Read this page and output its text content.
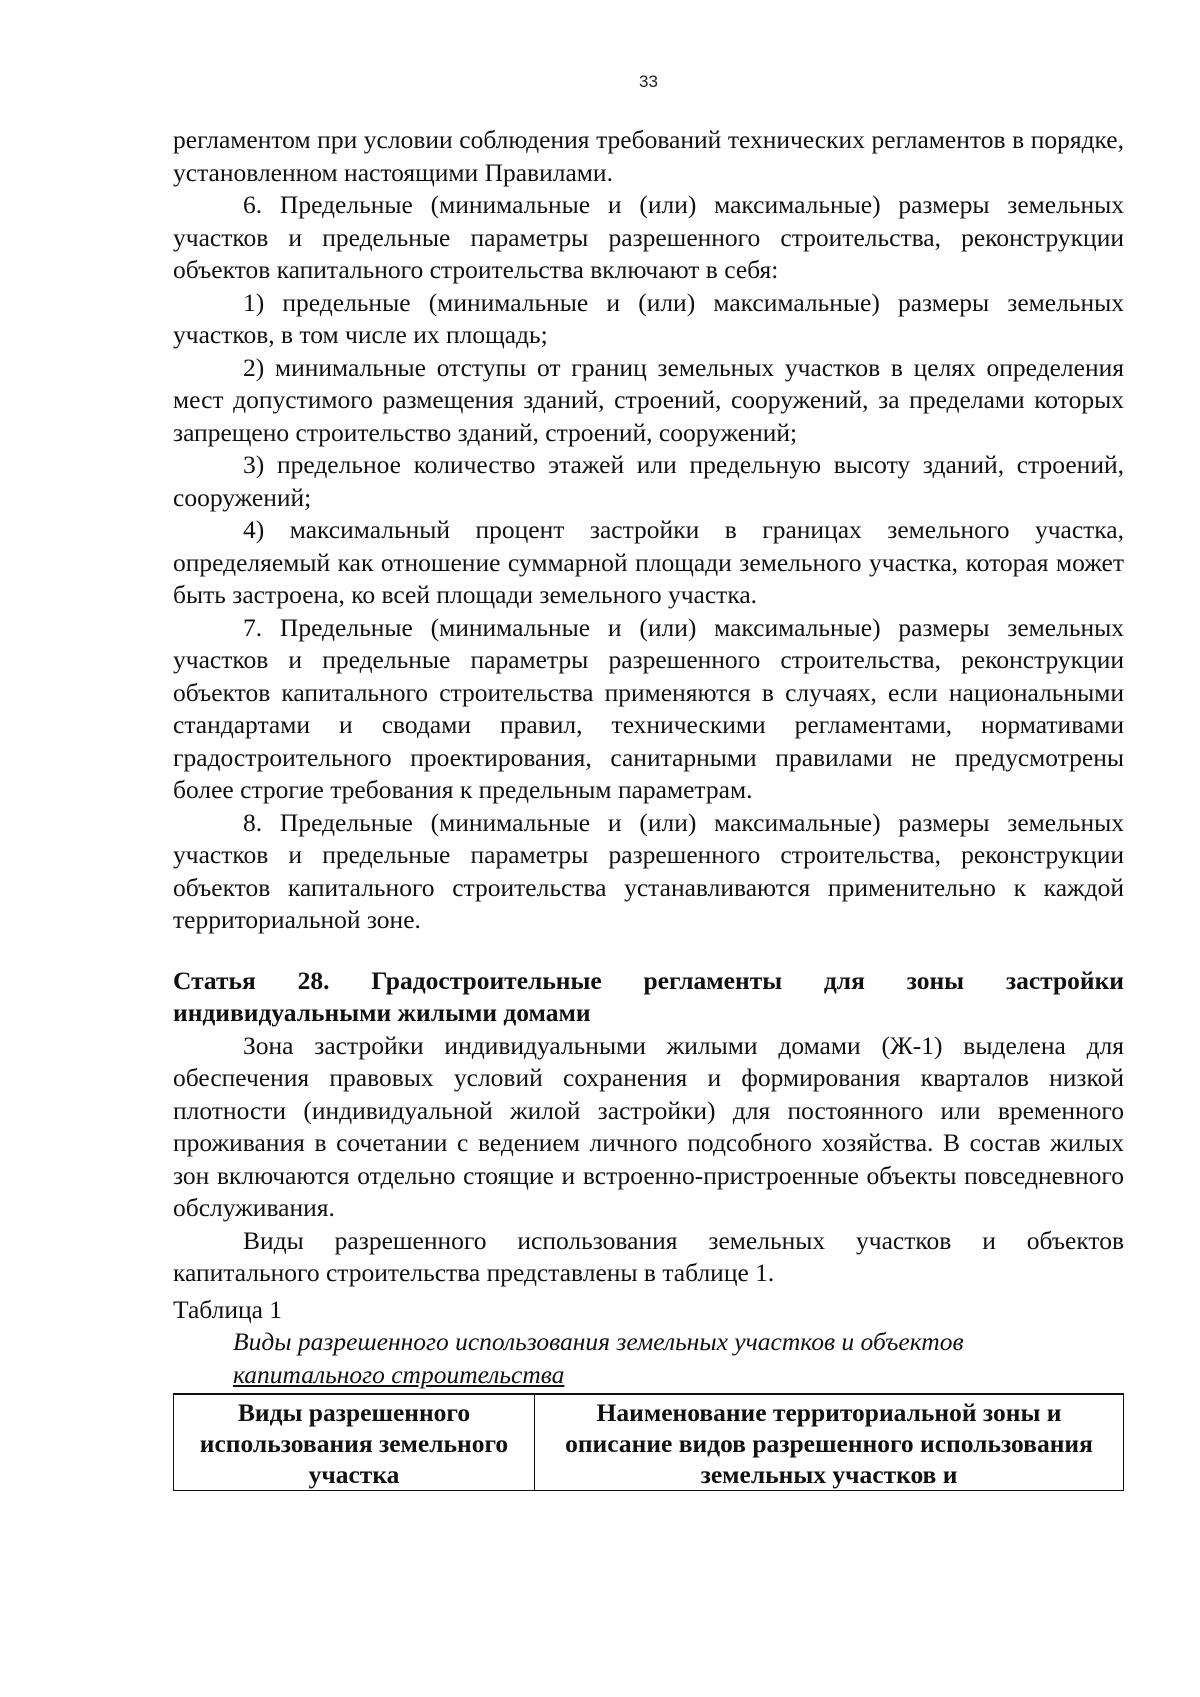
33

регламентом при условии соблюдения требований технических регламентов в порядке, установленном настоящими Правилами.

6. Предельные (минимальные и (или) максимальные) размеры земельных участков и предельные параметры разрешенного строительства, реконструкции объектов капитального строительства включают в себя:

1) предельные (минимальные и (или) максимальные) размеры земельных участков, в том числе их площадь;

2) минимальные отступы от границ земельных участков в целях определения мест допустимого размещения зданий, строений, сооружений, за пределами которых запрещено строительство зданий, строений, сооружений;

3) предельное количество этажей или предельную высоту зданий, строений, сооружений;

4) максимальный процент застройки в границах земельного участка, определяемый как отношение суммарной площади земельного участка, которая может быть застроена, ко всей площади земельного участка.

7. Предельные (минимальные и (или) максимальные) размеры земельных участков и предельные параметры разрешенного строительства, реконструкции объектов капитального строительства применяются в случаях, если национальными стандартами и сводами правил, техническими регламентами, нормативами градостроительного проектирования, санитарными правилами не предусмотрены более строгие требования к предельным параметрам.

8. Предельные (минимальные и (или) максимальные) размеры земельных участков и предельные параметры разрешенного строительства, реконструкции объектов капитального строительства устанавливаются применительно к каждой территориальной зоне.

Статья 28. Градостроительные регламенты для зоны застройки индивидуальными жилыми домами

Зона застройки индивидуальными жилыми домами (Ж-1) выделена для обеспечения правовых условий сохранения и формирования кварталов низкой плотности (индивидуальной жилой застройки) для постоянного или временного проживания в сочетании с ведением личного подсобного хозяйства. В состав жилых зон включаются отдельно стоящие и встроенно-пристроенные объекты повседневного обслуживания.

Виды разрешенного использования земельных участков и объектов капитального строительства представлены в таблице 1.

Таблица 1

Виды разрешенного использования земельных участков и объектов
капитального строительства

Виды разрешенного использования земельного участка	Наименование территориальной зоны и описание видов разрешенного использования земельных участков и
